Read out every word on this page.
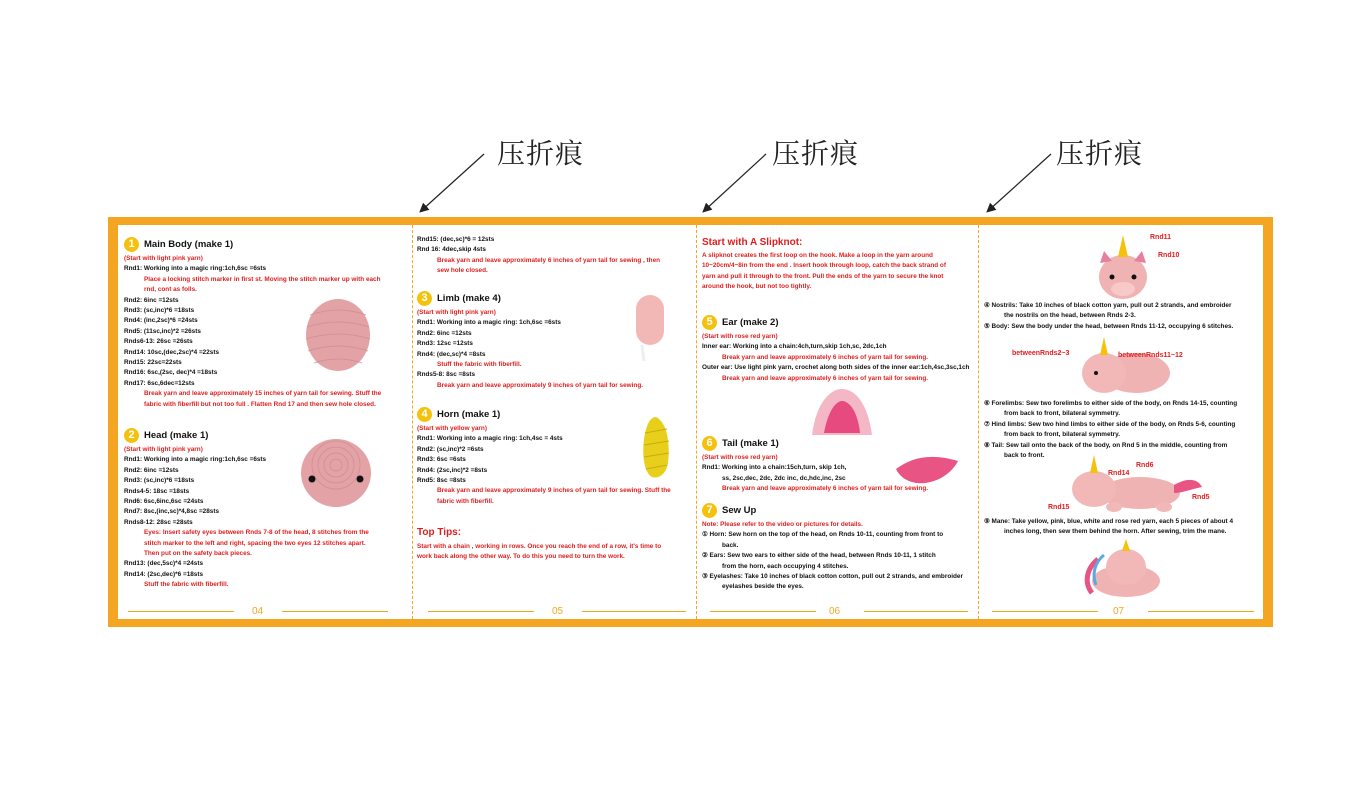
压折痕	压折痕	压折痕
1 Main Body (make 1)
(Start with light pink yarn)
Rnd1: Working into a magic ring:1ch,6sc =6sts
Place a locking stitch marker in first st. Moving the stitch marker up with each
rnd, cont as folls.
Rnd2: 6inc =12sts
Rnd3: (sc,inc)*6 =18sts
Rnd4: (inc,2sc)*6 =24sts
Rnd5: (11sc,inc)*2 =26sts
Rnds6-13: 26sc =26sts
Rnd14: 10sc,(dec,2sc)*4 =22sts
Rnd15: 22sc=22sts
Rnd16: 6sc,(2sc, dec)*4 =18sts
Rnd17: 6sc,6dec=12sts
Break yarn and leave approximately 15 inches of yarn tail for sewing. Stuff the
fabric with fiberfill but not too full . Flatten Rnd 17 and then sew hole closed.
2 Head (make 1)
(Start with light pink yarn)
Rnd1: Working into a magic ring:1ch,6sc =6sts
Rnd2: 6inc =12sts
Rnd3: (sc,inc)*6 =18sts
Rnds4-5: 18sc =18sts
Rnd6: 6sc,6inc,6sc =24sts
Rnd7: 8sc,(inc,sc)*4,8sc =28sts
Rnds8-12: 28sc =28sts
Eyes: Insert safety eyes between Rnds 7-8 of the head, 8 stitches from the
stitch marker to the left and right, spacing the two eyes 12 stitches apart.
Then put on the safety back pieces.
Rnd13: (dec,5sc)*4 =24sts
Rnd14: (2sc,dec)*6 =18sts
Stuff the fabric with fiberfill.
Rnd15: (dec,sc)*6 = 12sts
Rnd 16: 4dec,skip 4sts
Break yarn and leave approximately 6 inches of yarn tail for sewing , then
sew hole closed.
3 Limb (make 4)
(Start with light pink yarn)
Rnd1: Working into a magic ring: 1ch,6sc =6sts
Rnd2: 6inc =12sts
Rnd3: 12sc =12sts
Rnd4: (dec,sc)*4 =8sts
Stuff the fabric with fiberfill.
Rnds5-8: 8sc =8sts
Break yarn and leave approximately 9 inches of yarn tail for sewing.
4 Horn (make 1)
(Start with yellow yarn)
Rnd1: Working into a magic ring: 1ch,4sc = 4sts
Rnd2: (sc,inc)*2 =6sts
Rnd3: 6sc =6sts
Rnd4: (2sc,inc)*2 =8sts
Rnd5: 8sc =8sts
Break yarn and leave approximately 9 inches of yarn tail for sewing. Stuff the
fabric with fiberfill.
Top Tips:
Start with a chain , working in rows. Once you reach the end of a row, it's time to
work back along the other way. To do this you need to turn the work.
Start with A Slipknot:
A slipknot creates the first loop on the hook. Make a loop in the yarn around
10~20cm/4~8in from the end . Insert hook through loop, catch the back strand of
yarn and pull it through to the front. Pull the ends of the yarn to secure the knot
around the hook, but not too tightly.
5 Ear (make 2)
(Start with rose red yarn)
Inner ear: Working into a chain:4ch,turn,skip 1ch,sc, 2dc,1ch
Break yarn and leave approximately 6 inches of yarn tail for sewing.
Outer ear: Use light pink yarn, crochet along both sides of the inner ear:1ch,4sc,3sc,1ch
Break yarn and leave approximately 6 inches of yarn tail for sewing.
6 Tail (make 1)
(Start with rose red yarn)
Rnd1: Working into a chain:15ch,turn, skip 1ch,
ss, 2sc,dec, 2dc, 2dc inc, dc,hdc,inc, 2sc
Break yarn and leave approximately 6 inches of yarn tail for sewing.
7 Sew Up
Note: Please refer to the video or pictures for details.
① Horn: Sew horn on the top of the head, on Rnds 10-11, counting from front to
back.
② Ears: Sew two ears to either side of the head, between Rnds 10-11, 1 stitch
from the horn, each occupying 4 stitches.
③ Eyelashes: Take 10 inches of black cotton cotton, pull out 2 strands, and embroider
eyelashes beside the eyes.
Rnd11
Rnd10
④ Nostrils: Take 10 inches of black cotton yarn, pull out 2 strands, and embroider
the nostrils on the head, between Rnds 2-3.
⑤ Body: Sew the body under the head, between Rnds 11-12, occupying 6 stitches.
betweenRnds2~3	betweenRnds11~12
⑥ Forelimbs: Sew two forelimbs to either side of the body, on Rnds 14-15, counting
from back to front, bilateral symmetry.
⑦ Hind limbs: Sew two hind limbs to either side of the body, on Rnds 5-6, counting
from back to front, bilateral symmetry.
⑧ Tail: Sew tail onto the back of the body, on Rnd 5 in the middle, counting from
back to front.
Rnd14
Rnd6
Rnd5
Rnd15
⑨ Mane: Take yellow, pink, blue, white and rose red yarn, each 5 pieces of about 4
inches long, then sew them behind the horn. After sewing, trim the mane.
04	05	06	07
